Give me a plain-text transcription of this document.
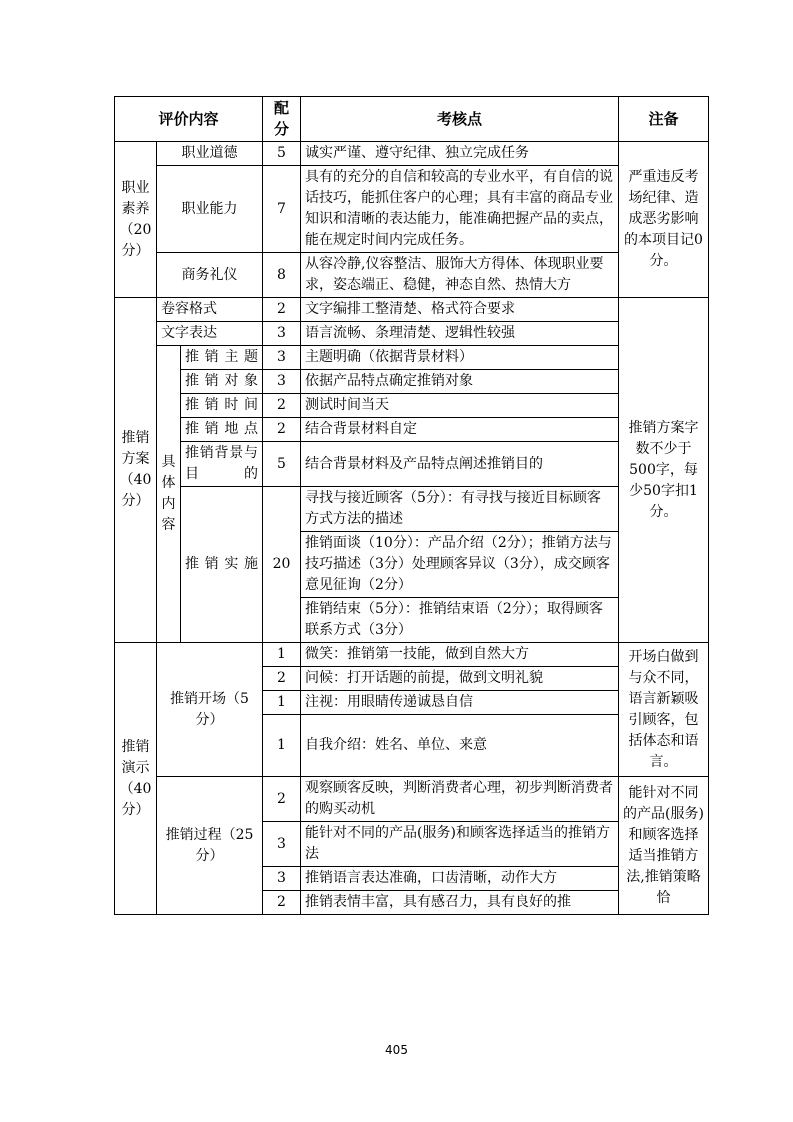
评价内容			配分	考核点	注备
职业素养（20分）	职业道德		5	诚实严谨、遵守纪律、独立完成任务	严重违反考场纪律、造成恶劣影响的本项目记0分。
	职业能力		7	具有的充分的自信和较高的专业水平，有自信的说话技巧，能抓住客户的心理；具有丰富的商品专业知识和清晰的表达能力，能准确把握产品的卖点，能在规定时间内完成任务。	
	商务礼仪		8	从容冷静,仪容整洁、服饰大方得体、体现职业要求，姿态端正、稳健，神态自然、热情大方	
推销方案（40分）	卷容格式		2	文字编排工整清楚、格式符合要求	推销方案字数不少于500字，每少50字扣1分。
	文字表达		3	语言流畅、条理清楚、逻辑性较强	
	具体内容	推销主题	3	主题明确（依据背景材料）	
		推销对象	3	依据产品特点确定推销对象	
		推销时间	2	测试时间当天	
		推销地点	2	结合背景材料自定	
		推销背景与目的	5	结合背景材料及产品特点阐述推销目的	
		推销实施	20	寻找与接近顾客（5分）：有寻找与接近目标顾客方式方法的描述	
				推销面谈（10分）：产品介绍（2分）；推销方法与技巧描述（3分）处理顾客异议（3分），成交顾客意见征询（2分）	
				推销结束（5分）：推销结束语（2分）；取得顾客联系方式（3分）	
推销演示（40分）	推销开场（5分）		1	微笑：推销第一技能，做到自然大方	开场白做到与众不同，语言新颖吸引顾客，包括体态和语言。
			2	问候：打开话题的前提，做到文明礼貌	
			1	注视：用眼睛传递诚恳自信	
			1	自我介绍：姓名、单位、来意	
	推销过程（25分）		2	观察顾客反映，判断消费者心理，初步判断消费者的购买动机	能针对不同的产品(服务)和顾客选择适当推销方法,推销策略恰
			3	能针对不同的产品(服务)和顾客选择适当的推销方法	
			3	推销语言表达准确，口齿清晰，动作大方	
			2	推销表情丰富，具有感召力，具有良好的推	
405
